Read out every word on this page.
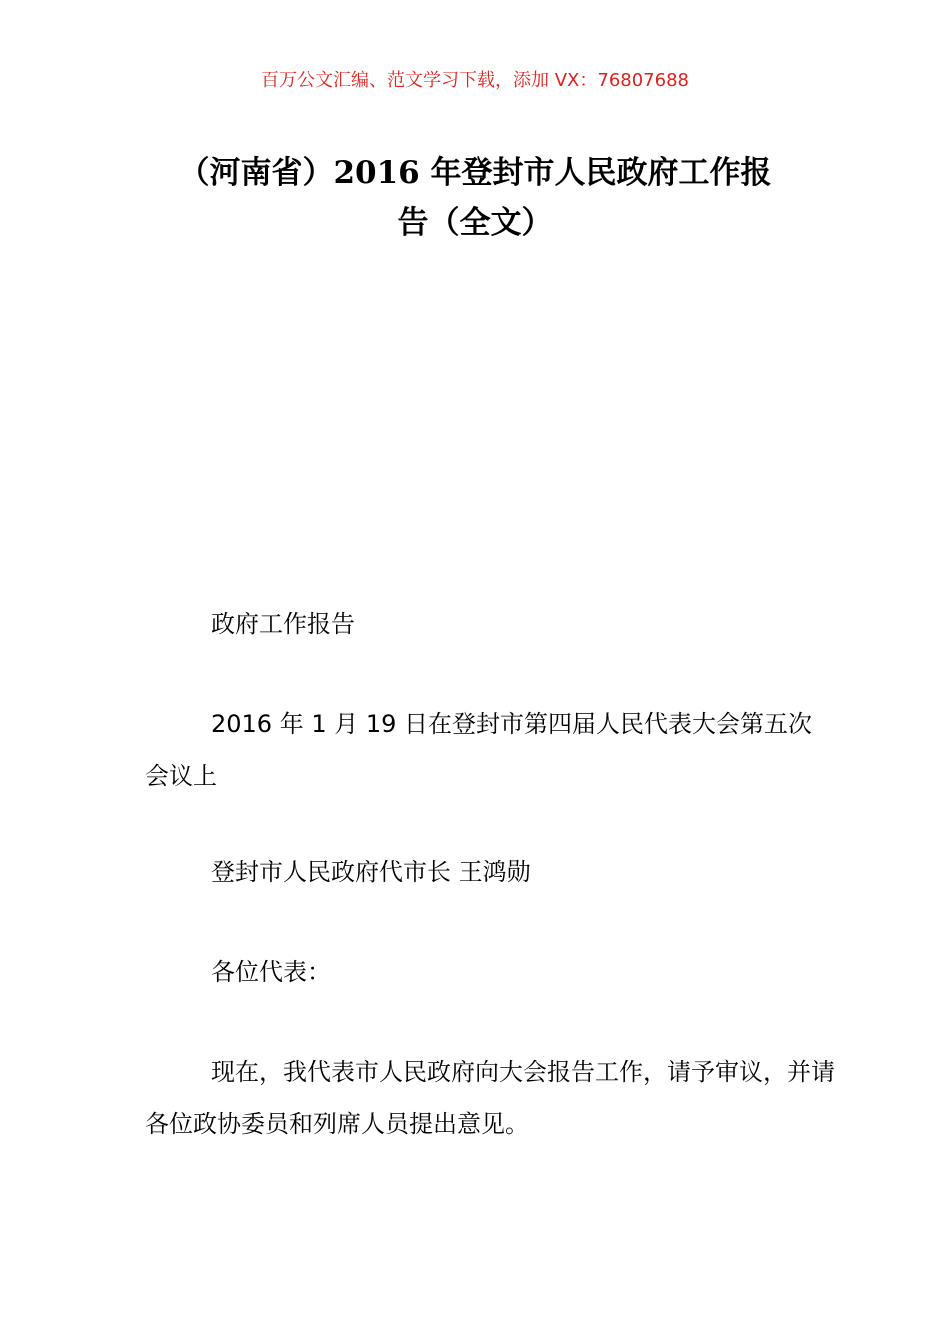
百万公文汇编、范文学习下载，添加 VX：76807688
（河南省）2016 年登封市人民政府工作报
告（全文）

政府工作报告

2016 年 1 月 19 日在登封市第四届人民代表大会第五次会议上

登封市人民政府代市长 王鸿勋

各位代表：

现在，我代表市人民政府向大会报告工作，请予审议，并请各位政协委员和列席人员提出意见。
